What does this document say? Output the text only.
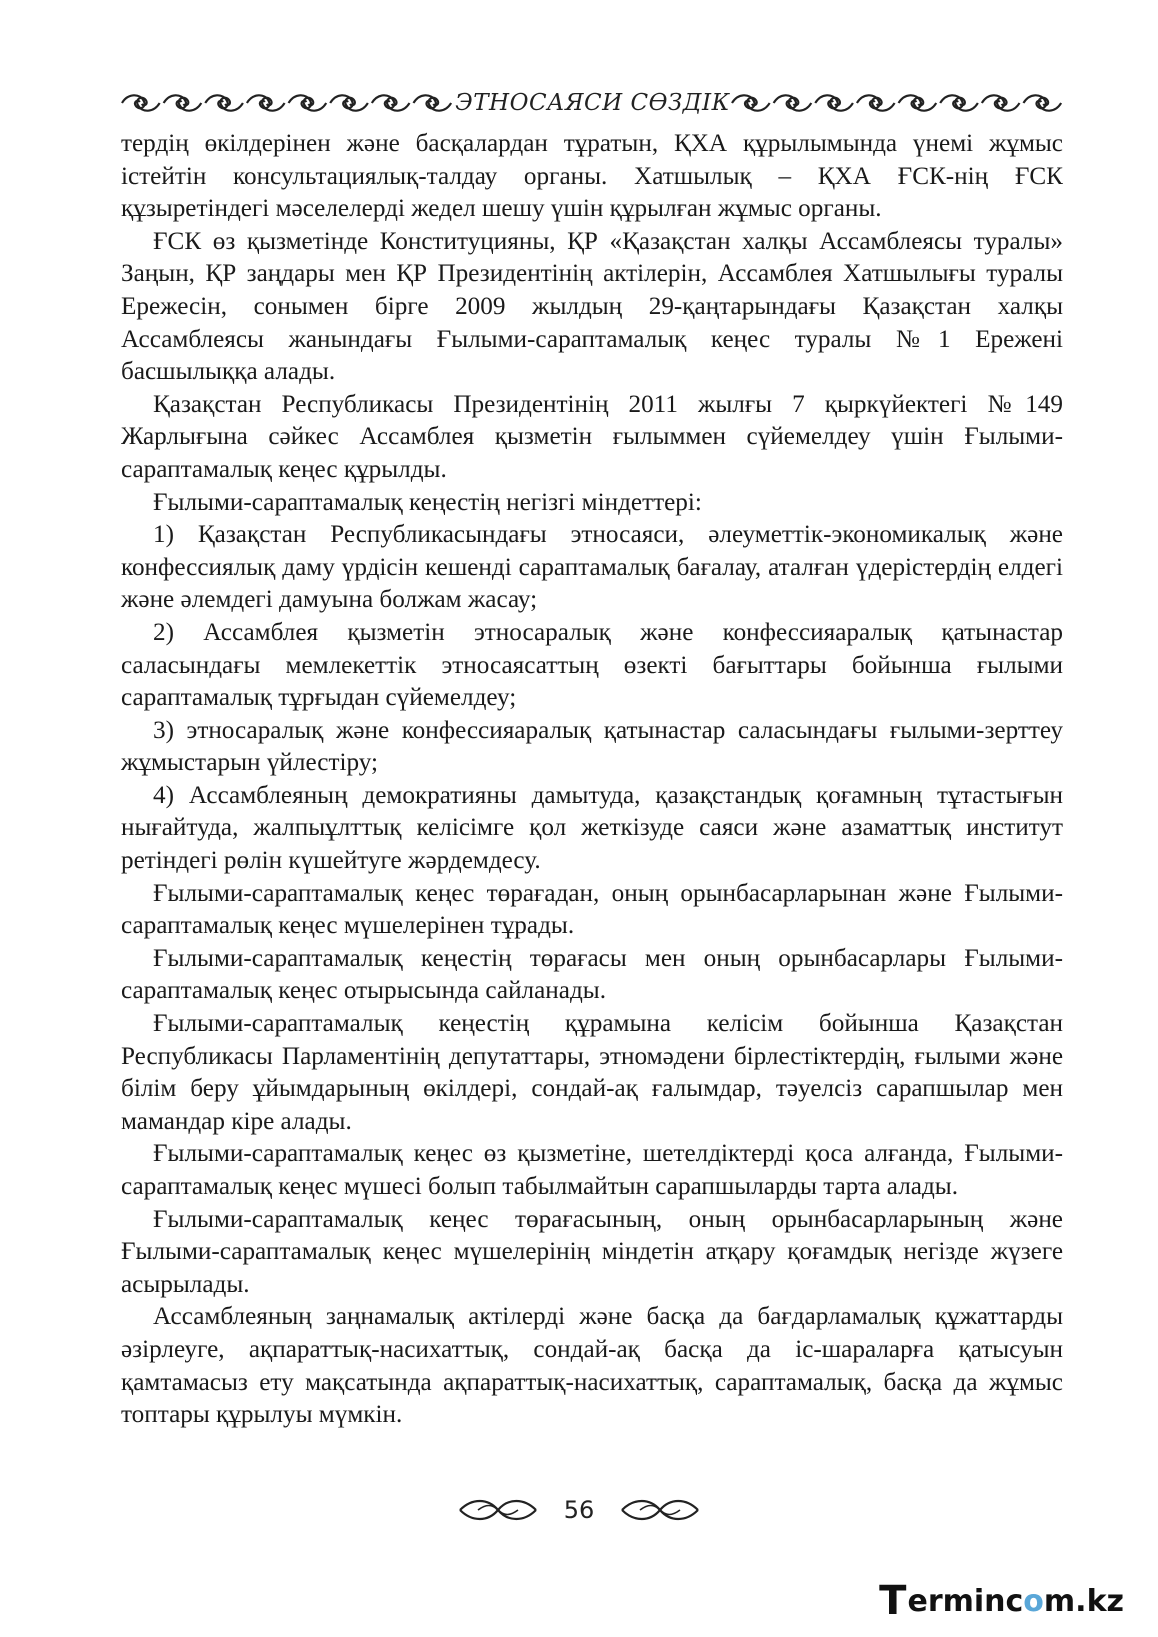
ЭТНОСАЯСИ СӨЗДІК

тердің өкілдерінен және басқалардан тұратын, ҚХА құрылымында үнемі жұмыс істейтін консультациялық-талдау органы. Хатшылық – ҚХА ҒСК-нің ҒСК құзыретіндегі мәселелерді жедел шешу үшін құрылған жұмыс органы.

ҒСК өз қызметінде Конституцияны, ҚР «Қазақстан халқы Ассамблеясы туралы» Заңын, ҚР заңдары мен ҚР Президентінің актілерін, Ассамблея Хатшылығы туралы Ережесін, сонымен бірге 2009 жылдың 29-қаңтарындағы Қазақстан халқы Ассамблеясы жанындағы Ғылыми-сараптамалық кеңес туралы №1 Ережені басшылыққа алады.

Қазақстан Республикасы Президентінің 2011 жылғы 7 қыркүйектегі №149 Жарлығына сәйкес Ассамблея қызметін ғылыммен сүйемелдеу үшін Ғылыми-сараптамалық кеңес құрылды.

Ғылыми-сараптамалық кеңестің негізгі міндеттері:

1) Қазақстан Республикасындағы этносаяси, әлеуметтік-экономикалық және конфессиялық даму үрдісін кешенді сараптамалық бағалау, аталған үдерістердің елдегі және әлемдегі дамуына болжам жасау;

2) Ассамблея қызметін этносаралық және конфессияаралық қатынастар саласындағы мемлекеттік этносаясаттың өзекті бағыттары бойынша ғылыми сараптамалық тұрғыдан сүйемелдеу;

3) этносаралық және конфессияаралық қатынастар саласындағы ғылыми-зерттеу жұмыстарын үйлестіру;

4) Ассамблеяның демократияны дамытуда, қазақстандық қоғамның тұтастығын нығайтуда, жалпыұлттық келісімге қол жеткізуде саяси және азаматтық институт ретіндегі рөлін күшейтуге жәрдемдесу.

Ғылыми-сараптамалық кеңес төрағадан, оның орынбасарларынан және Ғылыми-сараптамалық кеңес мүшелерінен тұрады.

Ғылыми-сараптамалық кеңестің төрағасы мен оның орынбасарлары Ғылыми-сараптамалық кеңес отырысында сайланады.

Ғылыми-сараптамалық кеңестің құрамына келісім бойынша Қазақстан Республикасы Парламентінің депутаттары, этномәдени бірлестіктердің, ғылыми және білім беру ұйымдарының өкілдері, сондай-ақ ғалымдар, тәуелсіз сарапшылар мен мамандар кіре алады.

Ғылыми-сараптамалық кеңес өз қызметіне, шетелдіктерді қоса алғанда, Ғылыми-сараптамалық кеңес мүшесі болып табылмайтын сарапшыларды тарта алады.

Ғылыми-сараптамалық кеңес төрағасының, оның орынбасарларының және Ғылыми-сараптамалық кеңес мүшелерінің міндетін атқару қоғамдық негізде жүзеге асырылады.

Ассамблеяның заңнамалық актілерді және басқа да бағдарламалық құжаттарды әзірлеуге, ақпараттық-насихаттық, сондай-ақ басқа да іс-шараларға қатысуын қамтамасыз ету мақсатында ақпараттық-насихаттық, сараптамалық, басқа да жұмыс топтары құрылуы мүмкін.

56
T erminc o m.kz
